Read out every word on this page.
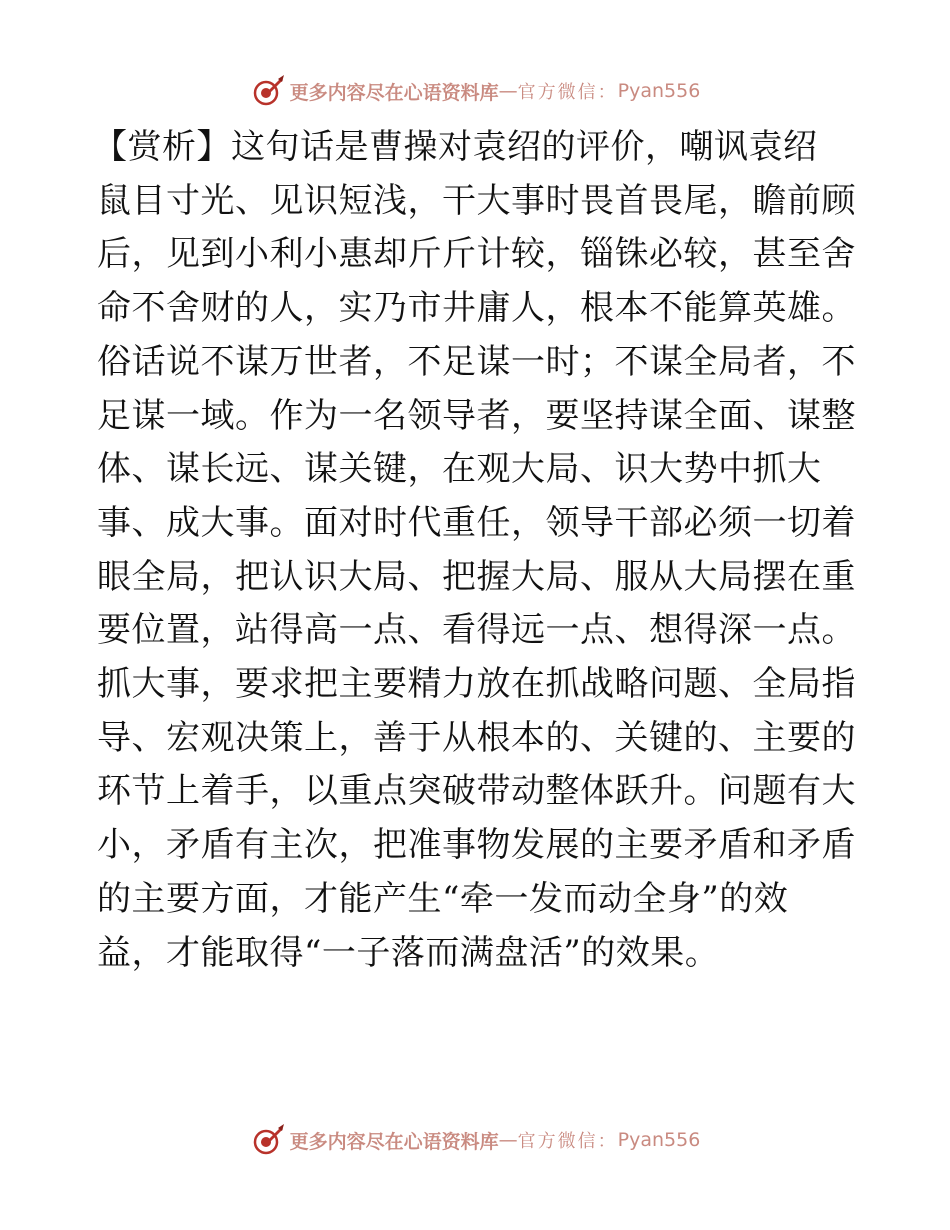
更多内容尽在心语资料库 — 官方微信： Pyan556
【赏析】这句话是曹操对袁绍的评价，嘲讽袁绍
鼠目寸光、见识短浅，干大事时畏首畏尾，瞻前顾
后，见到小利小惠却斤斤计较，锱铢必较，甚至舍
命不舍财的人，实乃市井庸人，根本不能算英雄。
俗话说不谋万世者，不足谋一时；不谋全局者，不
足谋一域。作为一名领导者，要坚持谋全面、谋整
体、谋长远、谋关键，在观大局、识大势中抓大
事、成大事。面对时代重任，领导干部必须一切着
眼全局，把认识大局、把握大局、服从大局摆在重
要位置，站得高一点、看得远一点、想得深一点。
抓大事，要求把主要精力放在抓战略问题、全局指
导、宏观决策上，善于从根本的、关键的、主要的
环节上着手，以重点突破带动整体跃升。问题有大
小，矛盾有主次，把准事物发展的主要矛盾和矛盾
的主要方面，才能产生“牵一发而动全身”的效
益，才能取得“一子落而满盘活”的效果。
更多内容尽在心语资料库 — 官方微信： Pyan556
